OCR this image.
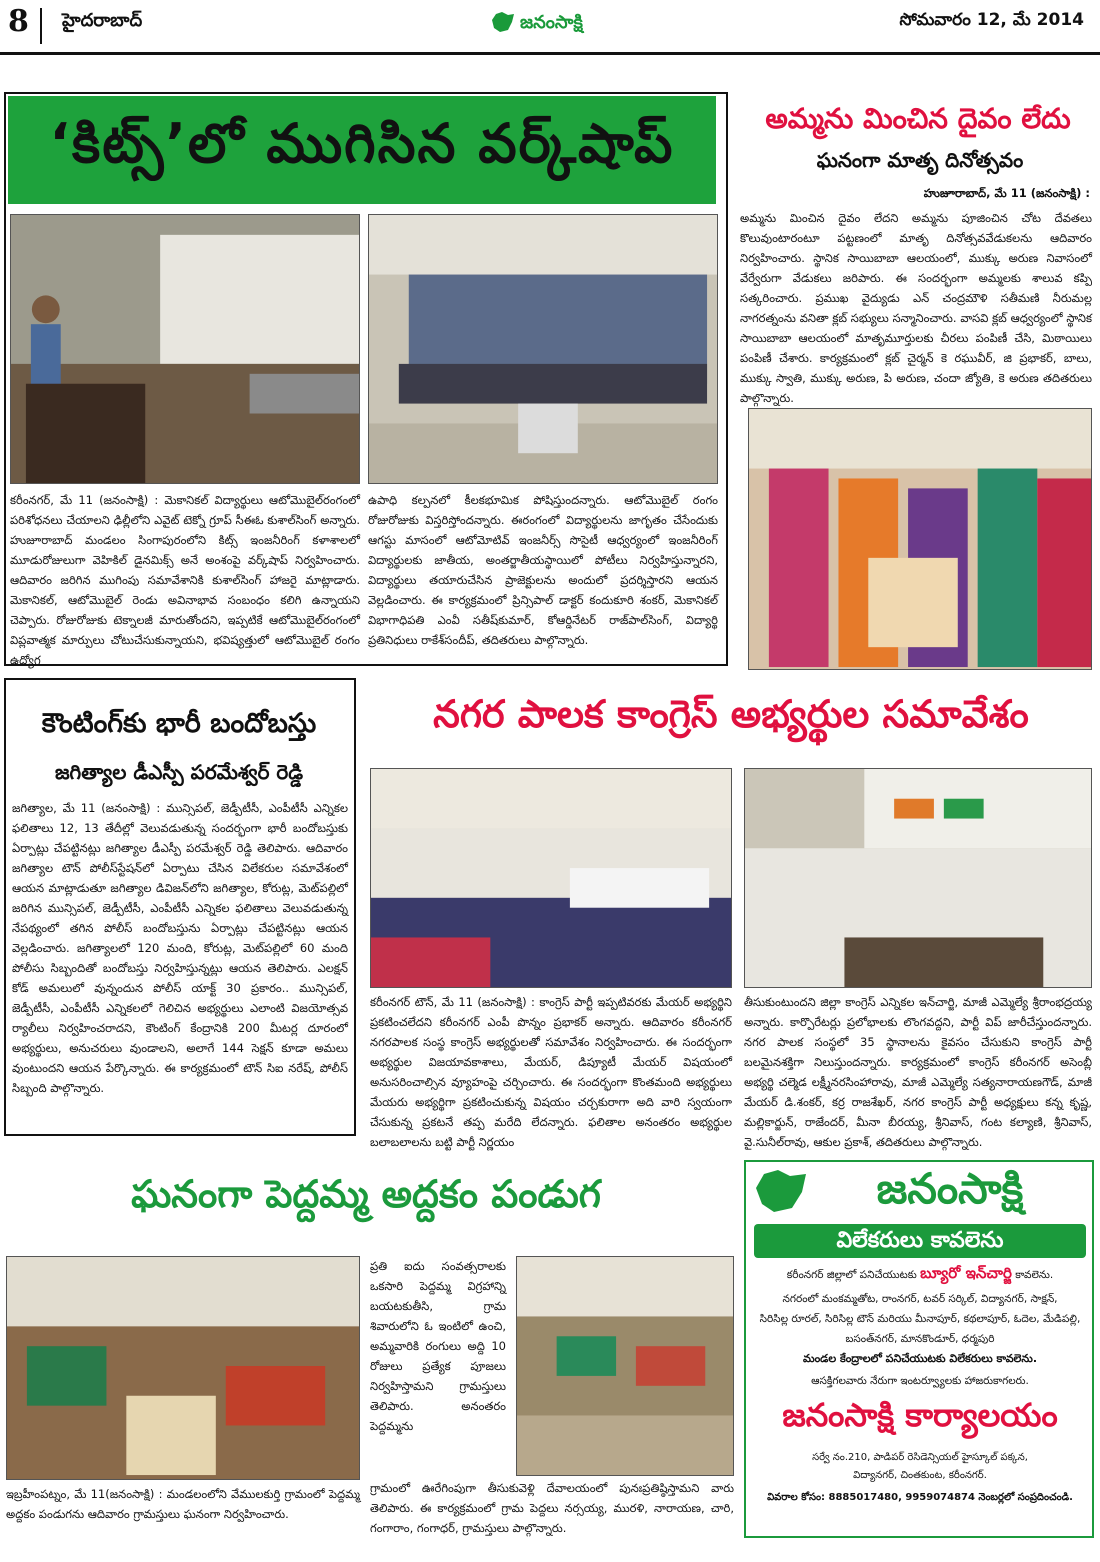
8	హైదరాబాద్	జనంసాక్షి	సోమవారం 12, మే 2014
‘కిట్స్’లో ముగిసిన వర్క్‌షాప్
కరీంనగర్, మే 11 (జనంసాక్షి) : మెకానికల్ విద్యార్థులు ఆటోమొబైల్‌రంగంలో పరిశోధనలు చేయాలని ఢిల్లీలోని ఎవైట్ టెక్నో గ్రూప్ సీఈఓ కుశాల్‌సింగ్ అన్నారు. హుజూరాబాద్ మండలం సింగాపురంలోని కిట్స్ ఇంజనీరింగ్ కళాశాలలో మూడురోజులుగా వెహికిల్ డైనమిక్స్ అనే అంశంపై వర్క్‌షాప్ నిర్వహించారు. ఆదివారం జరిగిన ముగింపు సమావేశానికి కుశాల్‌సింగ్ హాజరై మాట్లాడారు. మెకానికల్, ఆటోమొబైల్ రెండు అవినాభావ సంబంధం కలిగి ఉన్నాయని చెప్పారు. రోజురోజుకు టెక్నాలజీ మారుతోందని, ఇప్పటికే ఆటోమొబైల్‌రంగంలో విప్లవాత్మక మార్పులు చోటుచేసుకున్నాయని, భవిష్యత్తులో ఆటోమొబైల్ రంగం ఉద్యోగ
ఉపాధి కల్పనలో కీలకభూమిక పోషిస్తుందన్నారు. ఆటోమొబైల్ రంగం రోజురోజుకు విస్తరిస్తోందన్నారు. ఈరంగంలో విద్యార్థులను జాగృతం చేసేందుకు ఆగస్టు మాసంలో ఆటోమోటివ్ ఇంజనీర్స్ సొసైటీ ఆధ్వర్యంలో ఇంజనీరింగ్ విద్యార్థులకు జాతీయ, అంతర్జాతీయస్థాయిలో పోటీలు నిర్వహిస్తున్నారని, విద్యార్థులు తయారుచేసిన ప్రాజెక్టులను అందులో ప్రదర్శిస్తారని ఆయన వెల్లడించారు. ఈ కార్యక్రమంలో ప్రిన్సిపాల్ డాక్టర్ కందుకూరి శంకర్, మెకానికల్ విభాగాధిపతి ఎంవీ సతీష్‌కుమార్, కోఆర్డినేటర్ రాజ్‌పాల్‌సింగ్, విద్యార్థి ప్రతినిధులు రాకేశ్‌సందీప్, తదితరులు పాల్గొన్నారు.
అమ్మను మించిన దైవం లేదు
ఘనంగా మాతృ దినోత్సవం
హుజూరాబాద్, మే 11 (జనంసాక్షి) :
అమ్మను మించిన దైవం లేదని అమ్మను పూజించిన చోట దేవతలు కొలువుంటారంటూ పట్టణంలో మాతృ దినోత్సవవేడుకలను ఆదివారం నిర్వహించారు. స్థానిక సాయిబాబా ఆలయంలో, ముక్కు అరుణ నివాసంలో వేర్వేరుగా వేడుకలు జరిపారు. ఈ సందర్భంగా అమ్మలకు శాలువ కప్పి సత్కరించారు. ప్రముఖ వైద్యుడు ఎన్ చంద్రమౌళి సతీమణి నీరుమల్ల నాగరత్నంను వనితా క్లబ్ సభ్యులు సన్మానించారు. వాసవి క్లబ్ ఆధ్వర్యంలో స్థానిక సాయిబాబా ఆలయంలో మాతృమూర్తులకు చీరలు పంపిణీ చేసి, మిఠాయిలు పంపిణీ చేశారు. కార్యక్రమంలో క్లబ్ చైర్మన్ కె రఘువీర్, జి ప్రభాకర్, బాలు, ముక్కు స్వాతి, ముక్కు అరుణ, పి అరుణ, చందా జ్యోతి, కె అరుణ తదితరులు పాల్గొన్నారు.
కౌంటింగ్‌కు భారీ బందోబస్తు
జగిత్యాల డీఎస్పీ పరమేశ్వర్ రెడ్డి
జగిత్యాల, మే 11 (జనంసాక్షి) : మున్సిపల్, జెడ్పీటీసీ, ఎంపీటీసీ ఎన్నికల ఫలితాలు 12, 13 తేదీల్లో వెలువడుతున్న సందర్భంగా భారీ బందోబస్తుకు ఏర్పాట్లు చేపట్టినట్లు జగిత్యాల డీఎస్పీ పరమేశ్వర్ రెడ్డి తెలిపారు. ఆదివారం జగిత్యాల టౌన్ పోలీస్‌స్టేషన్‌లో ఏర్పాటు చేసిన విలేకరుల సమావేశంలో ఆయన మాట్లాడుతూ జగిత్యాల డివిజన్‌లోని జగిత్యాల, కోరుట్ల, మెట్‌పల్లిలో జరిగిన మున్సిపల్, జెడ్పీటీసీ, ఎంపీటీసీ ఎన్నికల ఫలితాలు వెలువడుతున్న నేపథ్యంలో తగిన పోలీస్ బందోబస్తును ఏర్పాట్లు చేపట్టినట్లు ఆయన వెల్లడించారు. జగిత్యాలలో 120 మంది, కోరుట్ల, మెట్‌పల్లిలో 60 మంది పోలీసు సిబ్బందితో బందోబస్తు నిర్వహిస్తున్నట్లు ఆయన తెలిపారు. ఎలక్షన్ కోడ్ అమలులో వున్నందున పోలీస్ యాక్ట్ 30 ప్రకారం.. మున్సిపల్, జెడ్పీటీసీ, ఎంపీటీసీ ఎన్నికలలో గెలిచిన అభ్యర్థులు ఎలాంటి విజయోత్సవ ర్యాలీలు నిర్వహించరాదని, కౌంటింగ్ కేంద్రానికి 200 మీటర్ల దూరంలో అభ్యర్థులు, అనుచరులు వుండాలని, అలాగే 144 సెక్షన్ కూడా అమలు వుంటుందని ఆయన పేర్కొన్నారు. ఈ కార్యక్రమంలో టౌన్ సిఐ నరేష్, పోలీస్ సిబ్బంది పాల్గొన్నారు.
నగర పాలక కాంగ్రెస్ అభ్యర్థుల సమావేశం
కరీంనగర్ టౌన్, మే 11 (జనంసాక్షి) : కాంగ్రెస్ పార్టీ ఇప్పటివరకు మేయర్ అభ్యర్థిని ప్రకటించలేదని కరీంనగర్ ఎంపీ పొన్నం ప్రభాకర్ అన్నారు. ఆదివారం కరీంనగర్ నగరపాలక సంస్థ కాంగ్రెస్ అభ్యర్థులతో సమావేశం నిర్వహించారు. ఈ సందర్భంగా అభ్యర్థుల విజయావకాశాలు, మేయర్, డిప్యూటీ మేయర్ విషయంలో అనుసరించాల్సిన వ్యూహంపై చర్చించారు. ఈ సందర్భంగా కొంతమంది అభ్యర్థులు మేయరు అభ్యర్థిగా ప్రకటించుకున్న విషయం చర్చకురాగా అది వారి స్వయంగా చేసుకున్న ప్రకటనే తప్ప మరేది లేదన్నారు. ఫలితాల అనంతరం అభ్యర్థుల బలాబలాలను బట్టి పార్టీ నిర్ణయం
తీసుకుంటుందని జిల్లా కాంగ్రెస్ ఎన్నికల ఇన్‌చార్జి, మాజీ ఎమ్మెల్యే శ్రీరాంభద్రయ్య అన్నారు. కార్పొరేటర్లు ప్రలోభాలకు లొంగవద్దని, పార్టీ విప్ జారీచేస్తుందన్నారు. నగర పాలక సంస్థలో 35 స్థానాలను కైవసం చేసుకుని కాంగ్రెస్ పార్టీ బలమైనశక్తిగా నిలుస్తుందన్నారు. కార్యక్రమంలో కాంగ్రెస్ కరీంనగర్ అసెంబ్లీ అభ్యర్థి చల్మెడ లక్ష్మీనరసింహారావు, మాజీ ఎమ్మెల్యే సత్యనారాయణగౌడ్, మాజీ మేయర్ డి.శంకర్, కర్ర రాజశేఖర్, నగర కాంగ్రెస్ పార్టీ అధ్యక్షులు కన్న కృష్ణ, మల్లికార్జున్, రాజేందర్, మీనా బీరయ్య, శ్రీనివాస్, గంట కల్యాణి, శ్రీనివాస్, వై.సునీల్‌రావు, ఆకుల ప్రకాశ్, తదితరులు పాల్గొన్నారు.
ఘనంగా పెద్దమ్మ అద్దకం పండుగ
ప్రతి ఐదు సంవత్సరాలకు ఒకసారి పెద్దమ్మ విగ్రహాన్ని బయటకుతీసి, గ్రామ శివారులోని ఓ ఇంటిలో ఉంచి, అమ్మవారికి రంగులు అద్ది 10 రోజులు ప్రత్యేక పూజలు నిర్వహిస్తామని గ్రామస్తులు తెలిపారు. అనంతరం పెద్దమ్మను
ఇబ్రహీంపట్నం, మే 11(జనంసాక్షి) : మండలంలోని వేములకుర్తి గ్రామంలో పెద్దమ్మ అద్దకం పండుగను ఆదివారం గ్రామస్తులు ఘనంగా నిర్వహించారు.
గ్రామంలో ఊరేగింపుగా తీసుకువెళ్లి దేవాలయంలో పునఃప్రతిష్ఠిస్తామని వారు తెలిపారు. ఈ కార్యక్రమంలో గ్రామ పెద్దలు నర్సయ్య, మురళి, నారాయణ, చారి, గంగారాం, గంగాధర్, గ్రామస్తులు పాల్గొన్నారు.
జనంసాక్షి
విలేకరులు కావలెను
కరీంనగర్ జిల్లాలో పనిచేయుటకు బ్యూరో ఇన్‌చార్జి కావలెను.
నగరంలో మంకమ్మతోట, రాంనగర్, టవర్ సర్కిల్, విద్యానగర్, సాక్షన్,
సిరిసిల్ల రూరల్, సిరిసిల్ల టౌన్ మరియు మీనాపూర్, కథలాపూర్, ఓదెల, మేడిపల్లి,
బసంత్‌నగర్, మానకొండూర్, ధర్మపురి
మండల కేంద్రాలలో పనిచేయుటకు విలేకరులు కావలెను.
ఆసక్తిగలవారు నేరుగా ఇంటర్వ్యూలకు హాజరుకాగలరు.
జనంసాక్షి కార్యాలయం
సర్వే నం.210, పాడిపర్ రెసిడెన్సియల్ హైస్కూల్ పక్కన,
విద్యానగర్, చింతకుంట, కరీంనగర్.
వివరాల కోసం: 8885017480, 9959074874 నెంబర్లలో సంప్రదించండి.
